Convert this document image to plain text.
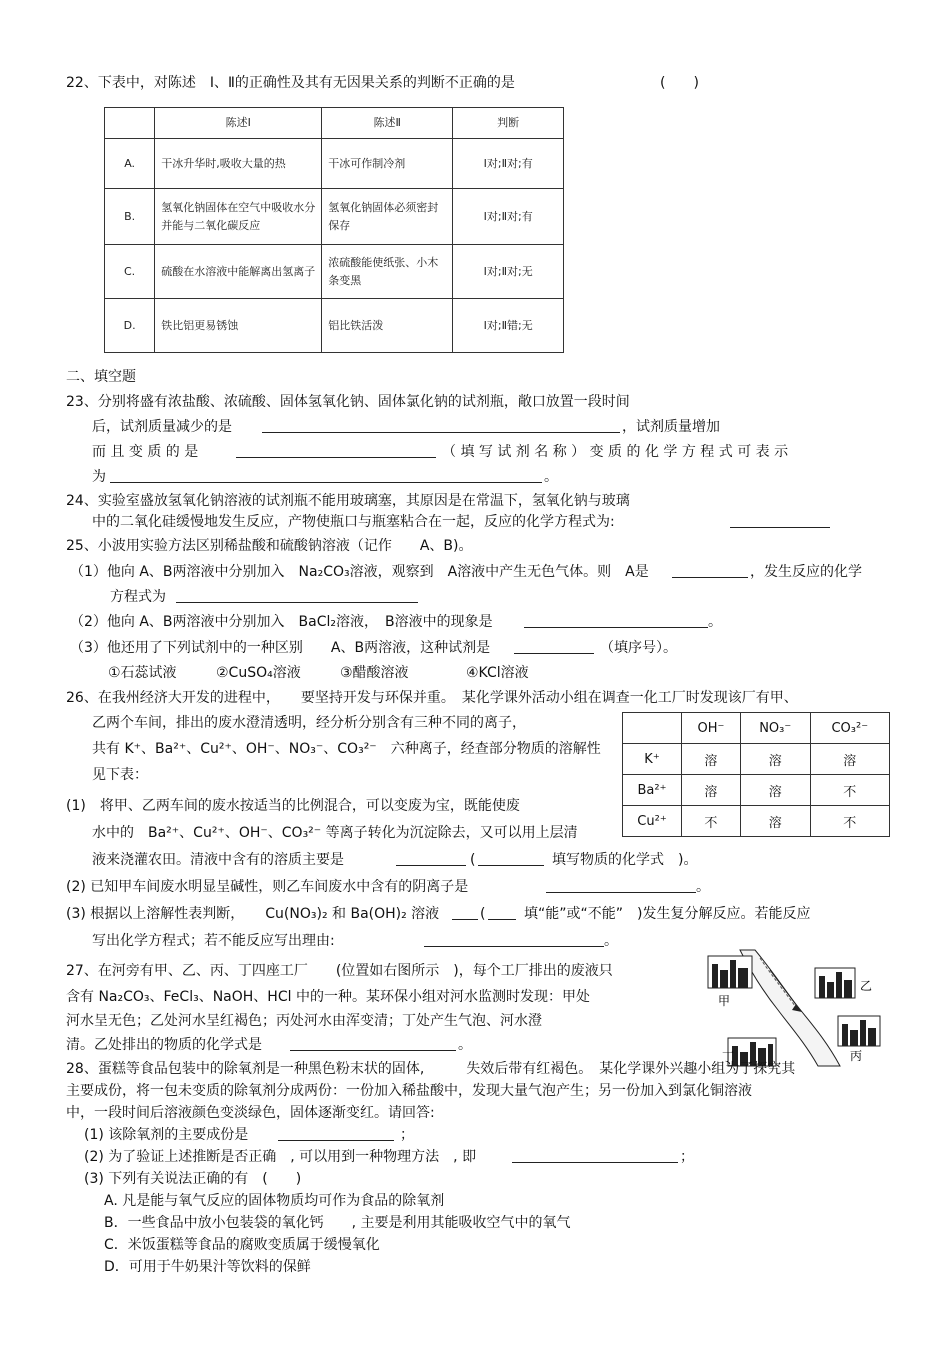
22、下表中，对陈述　Ⅰ、Ⅱ的正确性及其有无因果关系的判断不正确的是	(　　)
	陈述Ⅰ	陈述Ⅱ	判断
A.	干冰升华时,吸收大量的热	干冰可作制冷剂	Ⅰ对;Ⅱ对;有
B.	氢氧化钠固体在空气中吸收水分并能与二氧化碳反应	氢氧化钠固体必须密封保存	Ⅰ对;Ⅱ对;有
C.	硫酸在水溶液中能解离出氢离子	浓硫酸能使纸张、小木条变黑	Ⅰ对;Ⅱ对;无
D.	铁比铝更易锈蚀	铝比铁活泼	Ⅰ对;Ⅱ错;无
二、填空题
23、分别将盛有浓盐酸、浓硫酸、固体氢氧化钠、固体氯化钠的试剂瓶，敞口放置一段时间
后，试剂质量减少的是	，试剂质量增加
而 且 变 质 的 是	（ 填 写 试 剂 名 称 ） 变 质 的 化 学 方 程 式 可 表 示
为	。
24、实验室盛放氢氧化钠溶液的试剂瓶不能用玻璃塞，其原因是在常温下，氢氧化钠与玻璃
中的二氧化硅缓慢地发生反应，产物使瓶口与瓶塞粘合在一起，反应的化学方程式为:
25、小波用实验方法区别稀盐酸和硫酸钠溶液（记作　　A、B)。
（1）他向 A、B两溶液中分别加入　Na₂CO₃溶液，观察到　A溶液中产生无色气体。则　A是	，发生反应的化学
方程式为
（2）他向 A、B两溶液中分别加入　BaCl₂溶液，　B溶液中的现象是	。
（3）他还用了下列试剂中的一种区别　　A、B两溶液，这种试剂是	（填序号）。
①石蕊试液	②CuSO₄溶液	③醋酸溶液	④KCl溶液
26、在我州经济大开发的进程中，　　要坚持开发与环保并重。　某化学课外活动小组在调查一化工厂时发现该厂有甲、
乙两个车间，排出的废水澄清透明，经分析分别含有三种不同的离子，
共有 K⁺、Ba²⁺、Cu²⁺、OH⁻、NO₃⁻、CO₃²⁻　六种离子，经查部分物质的溶解性
见下表：
	OH⁻	NO₃⁻	CO₃²⁻
K⁺	溶	溶	溶
Ba²⁺	溶	溶	不
Cu²⁺	不	溶	不
(1)　将甲、乙两车间的废水按适当的比例混合，可以变废为宝，既能使废
水中的　Ba²⁺、Cu²⁺、OH⁻、CO₃²⁻ 等离子转化为沉淀除去，又可以用上层清
液来浇灌农田。清液中含有的溶质主要是	(	填写物质的化学式　)。
(2) 已知甲车间废水明显呈碱性，则乙车间废水中含有的阴离子是	。
(3) 根据以上溶解性表判断，　　Cu(NO₃)₂ 和 Ba(OH)₂ 溶液	(	填“能”或“不能”　)发生复分解反应。若能反应
写出化学方程式；若不能反应写出理由:	。
27、在河旁有甲、乙、丙、丁四座工厂　　(位置如右图所示　)，每个工厂排出的废液只
含有 Na₂CO₃、FeCl₃、NaOH、HCl 中的一种。某环保小组对河水监测时发现：甲处
河水呈无色；乙处河水呈红褐色；丙处河水由浑变清；丁处产生气泡、河水澄
清。乙处排出的物质的化学式是	。
甲
乙
丙
丁
28、蛋糕等食品包装中的除氧剂是一种黑色粉末状的固体,　　　失效后带有红褐色。　某化学课外兴趣小组为了探究其
主要成份，将一包未变质的除氧剂分成两份：一份加入稀盐酸中，发现大量气泡产生；另一份加入到氯化铜溶液
中，一段时间后溶液颜色变淡绿色，固体逐渐变红。请回答:
(1) 该除氧剂的主要成份是	；
(2) 为了验证上述推断是否正确　, 可以用到一种物理方法　, 即	；
(3) 下列有关说法正确的有　(　　)
A. 凡是能与氧气反应的固体物质均可作为食品的除氧剂
B．一些食品中放小包装袋的氧化钙　　, 主要是利用其能吸收空气中的氧气
C．米饭蛋糕等食品的腐败变质属于缓慢氧化
D．可用于牛奶果汁等饮料的保鲜
